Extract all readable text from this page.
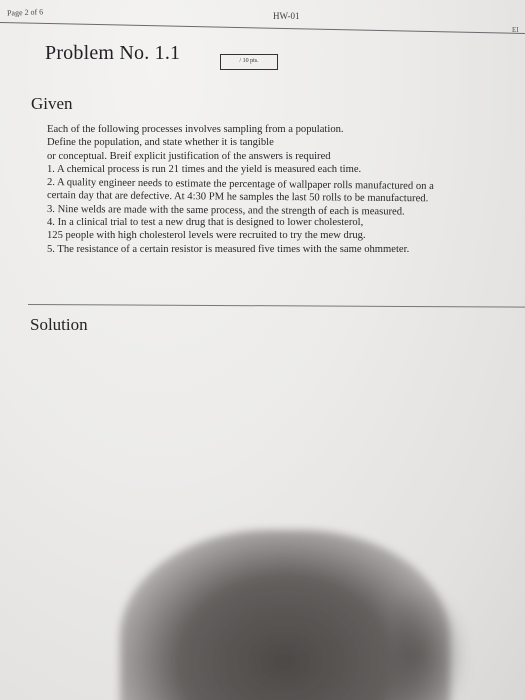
Page 2 of 6	HW-01
EI
Problem No. 1.1	/ 10 pts.
Given
Each of the following processes involves sampling from a population.
Define the population, and state whether it is tangible
or conceptual. Breif explicit justification of the answers is required
1. A chemical process is run 21 times and the yield is measured each time.
2. A quality engineer needs to estimate the percentage of wallpaper rolls manufactured on a
certain day that are defective. At 4:30 PM he samples the last 50 rolls to be manufactured.
3. Nine welds are made with the same process, and the strength of each is measured.
4. In a clinical trial to test a new drug that is designed to lower cholesterol,
125 people with high cholesterol levels were recruited to try the mew drug.
5. The resistance of a certain resistor is measured five times with the same ohmmeter.
Solution
